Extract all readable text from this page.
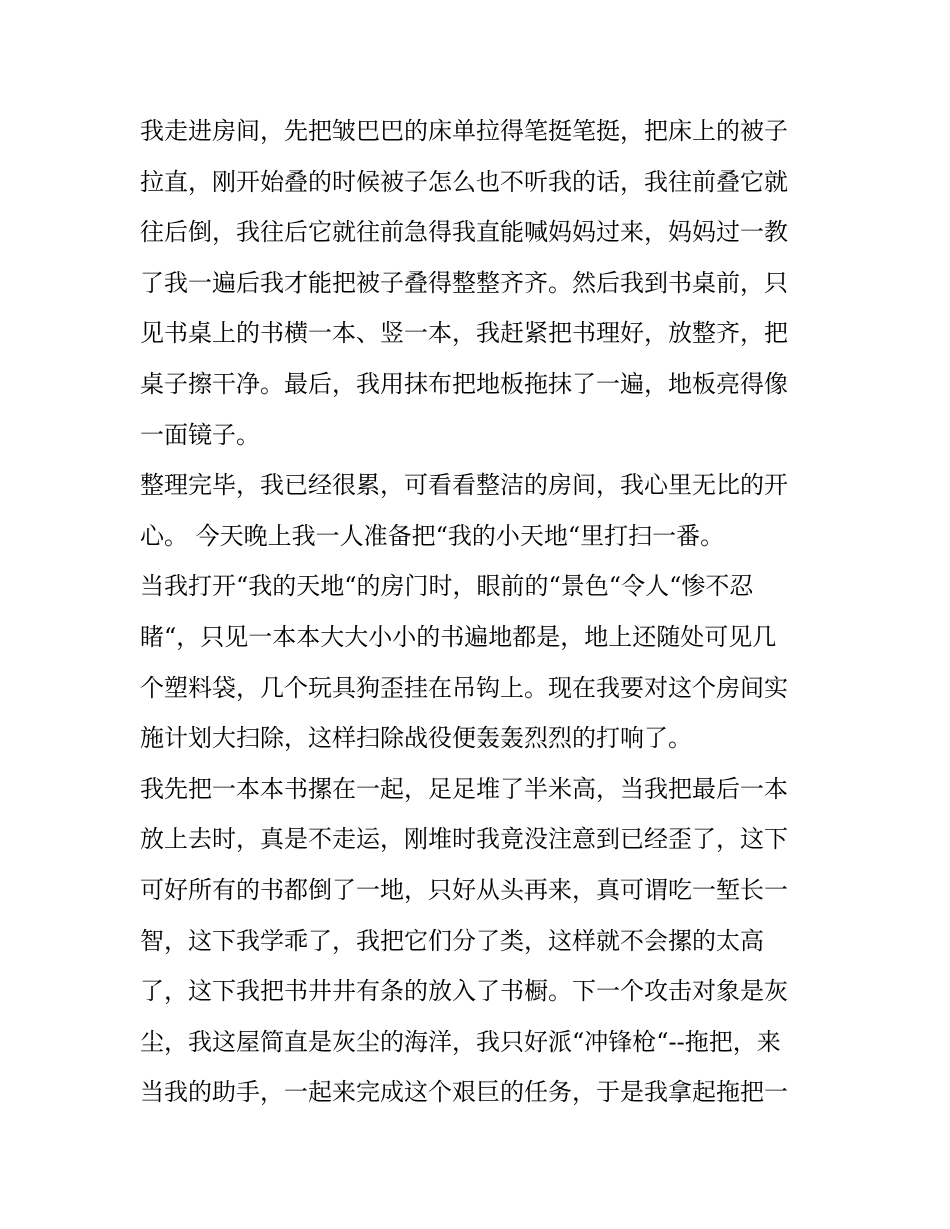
我走进房间，先把皱巴巴的床单拉得笔挺笔挺，把床上的被子
拉直，刚开始叠的时候被子怎么也不听我的话，我往前叠它就
往后倒，我往后它就往前急得我直能喊妈妈过来，妈妈过一教
了我一遍后我才能把被子叠得整整齐齐。然后我到书桌前，只
见书桌上的书横一本、竖一本，我赶紧把书理好，放整齐，把
桌子擦干净。最后，我用抹布把地板拖抹了一遍，地板亮得像
一面镜子。
整理完毕，我已经很累，可看看整洁的房间，我心里无比的开
心。 今天晚上我一人准备把“我的小天地“里打扫一番。
当我打开“我的天地“的房门时，眼前的“景色“令人“惨不忍
睹“，只见一本本大大小小的书遍地都是，地上还随处可见几
个塑料袋，几个玩具狗歪挂在吊钩上。现在我要对这个房间实
施计划大扫除，这样扫除战役便轰轰烈烈的打响了。
我先把一本本书摞在一起，足足堆了半米高，当我把最后一本
放上去时，真是不走运，刚堆时我竟没注意到已经歪了，这下
可好所有的书都倒了一地，只好从头再来，真可谓吃一堑长一
智，这下我学乖了，我把它们分了类，这样就不会摞的太高
了，这下我把书井井有条的放入了书橱。下一个攻击对象是灰
尘，我这屋简直是灰尘的海洋，我只好派“冲锋枪“--拖把，来
当我的助手，一起来完成这个艰巨的任务，于是我拿起拖把一
